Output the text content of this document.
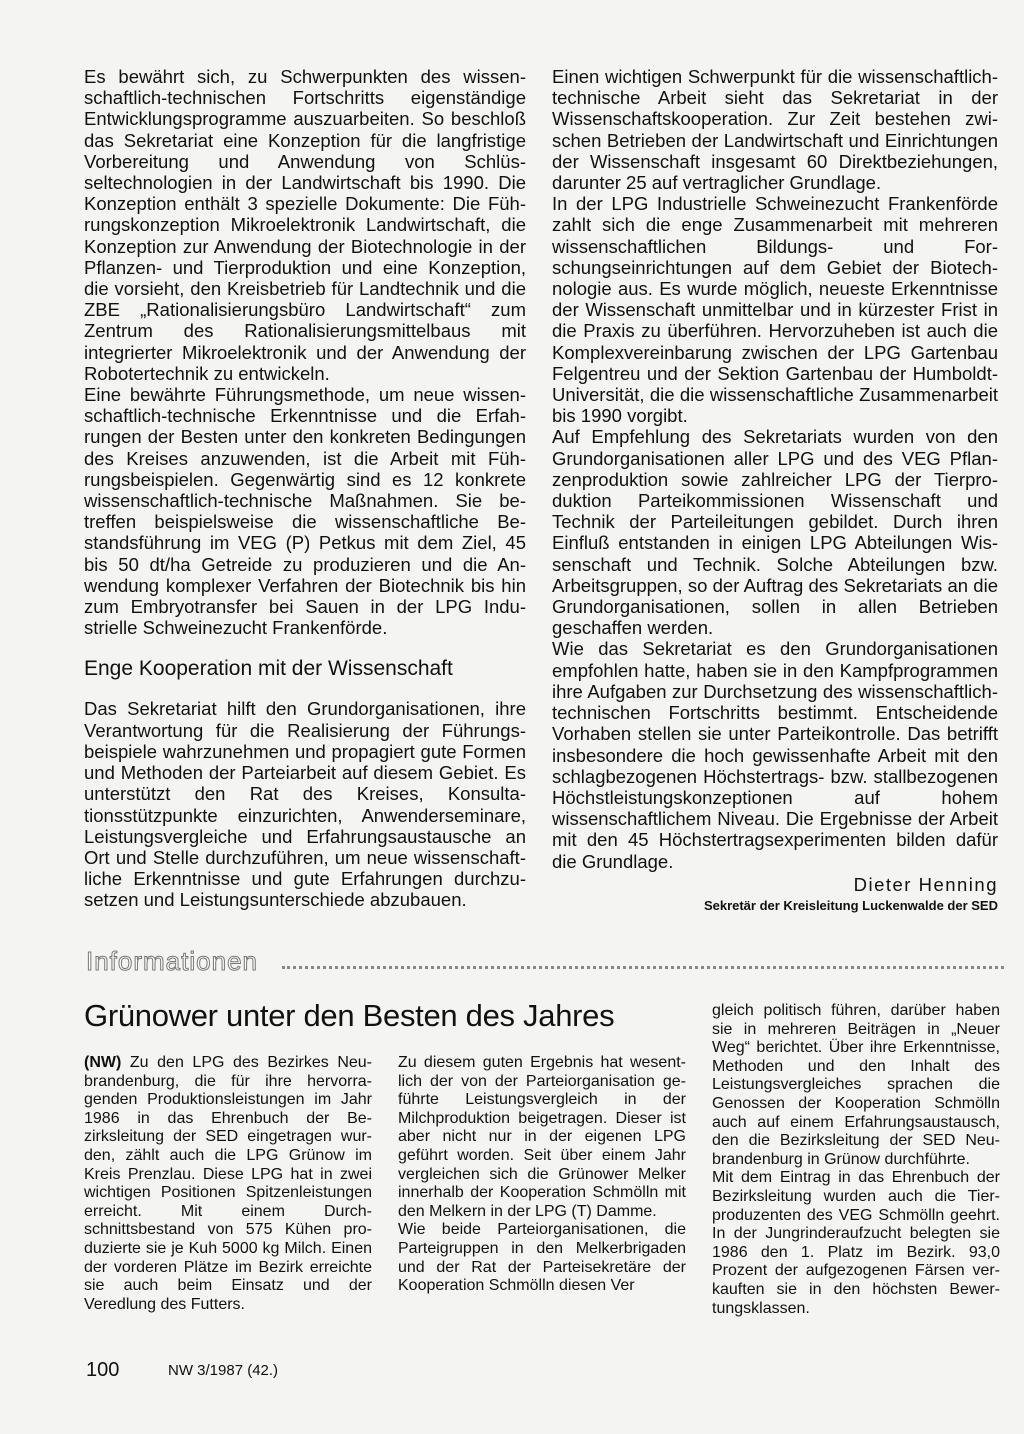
Es bewährt sich, zu Schwerpunkten des wissenschaftlich-technischen Fortschritts eigenständige Entwicklungsprogramme auszuarbeiten. So beschloß das Sekretariat eine Konzeption für die langfristige Vorbereitung und Anwendung von Schlüsseltechnologien in der Landwirtschaft bis 1990. Die Konzeption enthält 3 spezielle Dokumente: Die Führungskonzeption Mikroelektronik Landwirtschaft, die Konzeption zur Anwendung der Biotechnologie in der Pflanzen- und Tierproduktion und eine Konzeption, die vorsieht, den Kreisbetrieb für Landtechnik und die ZBE „Rationalisierungsbüro Landwirtschaft“ zum Zentrum des Rationalisierungsmittelbaus mit integrierter Mikroelektronik und der Anwendung der Robotertechnik zu entwickeln.

Eine bewährte Führungsmethode, um neue wissenschaftlich-technische Erkenntnisse und die Erfahrungen der Besten unter den konkreten Bedingungen des Kreises anzuwenden, ist die Arbeit mit Führungsbeispielen. Gegenwärtig sind es 12 konkrete wissenschaftlich-technische Maßnahmen. Sie betreffen beispielsweise die wissenschaftliche Bestandsführung im VEG (P) Petkus mit dem Ziel, 45 bis 50 dt/ha Getreide zu produzieren und die Anwendung komplexer Verfahren der Biotechnik bis hin zum Embryotransfer bei Sauen in der LPG Industrielle Schweinezucht Frankenförde.

Enge Kooperation mit der Wissenschaft

Das Sekretariat hilft den Grundorganisationen, ihre Verantwortung für die Realisierung der Führungsbeispiele wahrzunehmen und propagiert gute Formen und Methoden der Parteiarbeit auf diesem Gebiet. Es unterstützt den Rat des Kreises, Konsultationsstützpunkte einzurichten, Anwenderseminare, Leistungsvergleiche und Erfahrungsaustausche an Ort und Stelle durchzuführen, um neue wissenschaftliche Erkenntnisse und gute Erfahrungen durchzusetzen und Leistungsunterschiede abzubauen.

Einen wichtigen Schwerpunkt für die wissenschaftlich-technische Arbeit sieht das Sekretariat in der Wissenschaftskooperation. Zur Zeit bestehen zwischen Betrieben der Landwirtschaft und Einrichtungen der Wissenschaft insgesamt 60 Direktbeziehungen, darunter 25 auf vertraglicher Grundlage.

In der LPG Industrielle Schweinezucht Frankenförde zahlt sich die enge Zusammenarbeit mit mehreren wissenschaftlichen Bildungs- und Forschungseinrichtungen auf dem Gebiet der Biotechnologie aus. Es wurde möglich, neueste Erkenntnisse der Wissenschaft unmittelbar und in kürzester Frist in die Praxis zu überführen. Hervorzuheben ist auch die Komplexvereinbarung zwischen der LPG Gartenbau Felgentreu und der Sektion Gartenbau der Humboldt-Universität, die die wissenschaftliche Zusammenarbeit bis 1990 vorgibt.

Auf Empfehlung des Sekretariats wurden von den Grundorganisationen aller LPG und des VEG Pflanzenproduktion sowie zahlreicher LPG der Tierproduktion Parteikommissionen Wissenschaft und Technik der Parteileitungen gebildet. Durch ihren Einfluß entstanden in einigen LPG Abteilungen Wissenschaft und Technik. Solche Abteilungen bzw. Arbeitsgruppen, so der Auftrag des Sekretariats an die Grundorganisationen, sollen in allen Betrieben geschaffen werden.

Wie das Sekretariat es den Grundorganisationen empfohlen hatte, haben sie in den Kampfprogrammen ihre Aufgaben zur Durchsetzung des wissenschaftlich-technischen Fortschritts bestimmt. Entscheidende Vorhaben stellen sie unter Parteikontrolle. Das betrifft insbesondere die hoch gewissenhafte Arbeit mit den schlagbezogenen Höchstertrags- bzw. stallbezogenen Höchstleistungskonzeptionen auf hohem wissenschaftlichem Niveau. Die Ergebnisse der Arbeit mit den 45 Höchstertragsexperimenten bilden dafür die Grundlage.

Dieter Henning

Sekretär der Kreisleitung Luckenwalde der SED

Informationen
Grünower unter den Besten des Jahres

(NW) Zu den LPG des Bezirkes Neubrandenburg, die für ihre hervorragenden Produktionsleistungen im Jahr 1986 in das Ehrenbuch der Bezirksleitung der SED eingetragen wurden, zählt auch die LPG Grünow im Kreis Prenzlau. Diese LPG hat in zwei wichtigen Positionen Spitzenleistungen erreicht. Mit einem Durchschnittsbestand von 575 Kühen produzierte sie je Kuh 5000 kg Milch. Einen der vorderen Plätze im Bezirk erreichte sie auch beim Einsatz und der Veredlung des Futters.

Zu diesem guten Ergebnis hat wesentlich der von der Parteiorganisation geführte Leistungsvergleich in der Milchproduktion beigetragen. Dieser ist aber nicht nur in der eigenen LPG geführt worden. Seit über einem Jahr vergleichen sich die Grünower Melker innerhalb der Kooperation Schmölln mit den Melkern in der LPG (T) Damme.

Wie beide Parteiorganisationen, die Parteigruppen in den Melkerbrigaden und der Rat der Parteisekretäre der Kooperation Schmölln diesen Ver

gleich politisch führen, darüber haben sie in mehreren Beiträgen in „Neuer Weg“ berichtet. Über ihre Erkenntnisse, Methoden und den Inhalt des Leistungsvergleiches sprachen die Genossen der Kooperation Schmölln auch auf einem Erfahrungsaustausch, den die Bezirksleitung der SED Neubrandenburg in Grünow durchführte.

Mit dem Eintrag in das Ehrenbuch der Bezirksleitung wurden auch die Tierproduzenten des VEG Schmölln geehrt. In der Jungrinderaufzucht belegten sie 1986 den 1. Platz im Bezirk. 93,0 Prozent der aufgezogenen Färsen verkauften sie in den höchsten Bewertungsklassen.

100	NW 3/1987 (42.)
